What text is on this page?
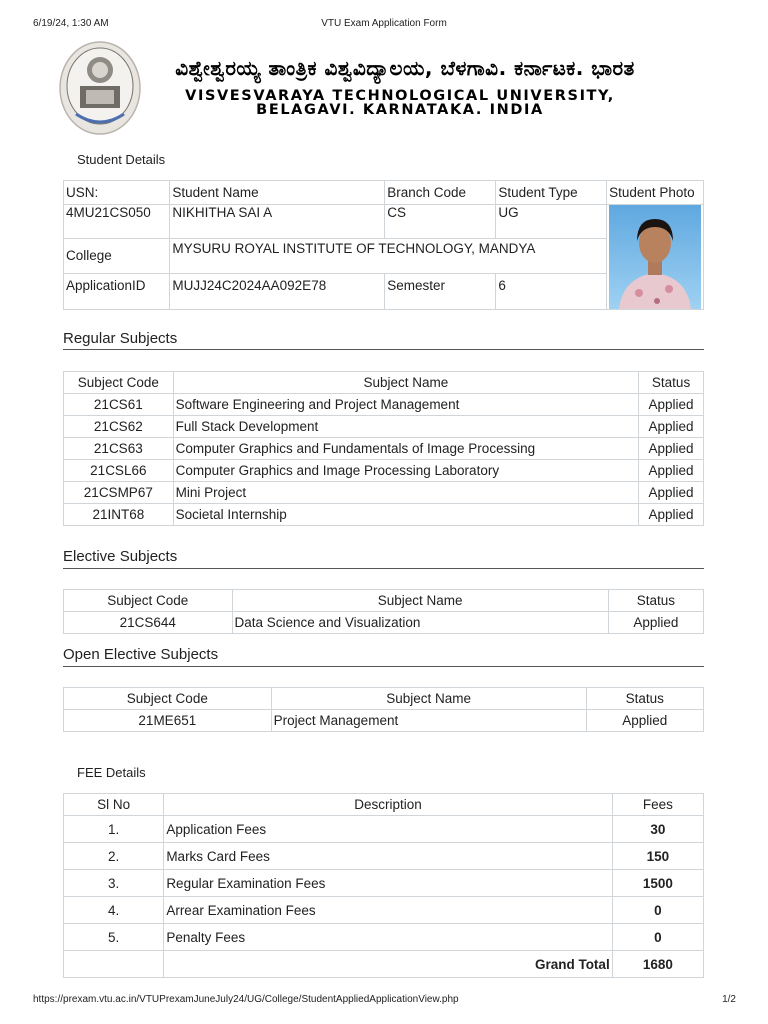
6/19/24, 1:30 AM	VTU Exam Application Form
ವಿಶ್ವೇಶ್ವರಯ್ಯ ತಾಂತ್ರಿಕ ವಿಶ್ವವಿದ್ಯಾಲಯ, ಬೆಳಗಾವಿ. ಕರ್ನಾಟಕ. ಭಾರತ
VISVESVARAYA TECHNOLOGICAL UNIVERSITY,
BELAGAVI. KARNATAKA. INDIA
Student Details
USN:	Student Name	Branch Code	Student Type	Student Photo
4MU21CS050	NIKHITHA SAI A	CS	UG	

College	MYSURU ROYAL INSTITUTE OF TECHNOLOGY, MANDYA			
ApplicationID	MUJJ24C2024AA092E78	Semester	6	
Regular Subjects
Subject Code	Subject Name	Status
21CS61	Software Engineering and Project Management	Applied
21CS62	Full Stack Development	Applied
21CS63	Computer Graphics and Fundamentals of Image Processing	Applied
21CSL66	Computer Graphics and Image Processing Laboratory	Applied
21CSMP67	Mini Project	Applied
21INT68	Societal Internship	Applied
Elective Subjects
Subject Code	Subject Name	Status
21CS644	Data Science and Visualization	Applied
Open Elective Subjects
Subject Code	Subject Name	Status
21ME651	Project Management	Applied
FEE Details
Sl No	Description	Fees
1.	Application Fees	30
2.	Marks Card Fees	150
3.	Regular Examination Fees	1500
4.	Arrear Examination Fees	0
5.	Penalty Fees	0
	Grand Total	1680
https://prexam.vtu.ac.in/VTUPrexamJuneJuly24/UG/College/StudentAppliedApplicationView.php	1/2
